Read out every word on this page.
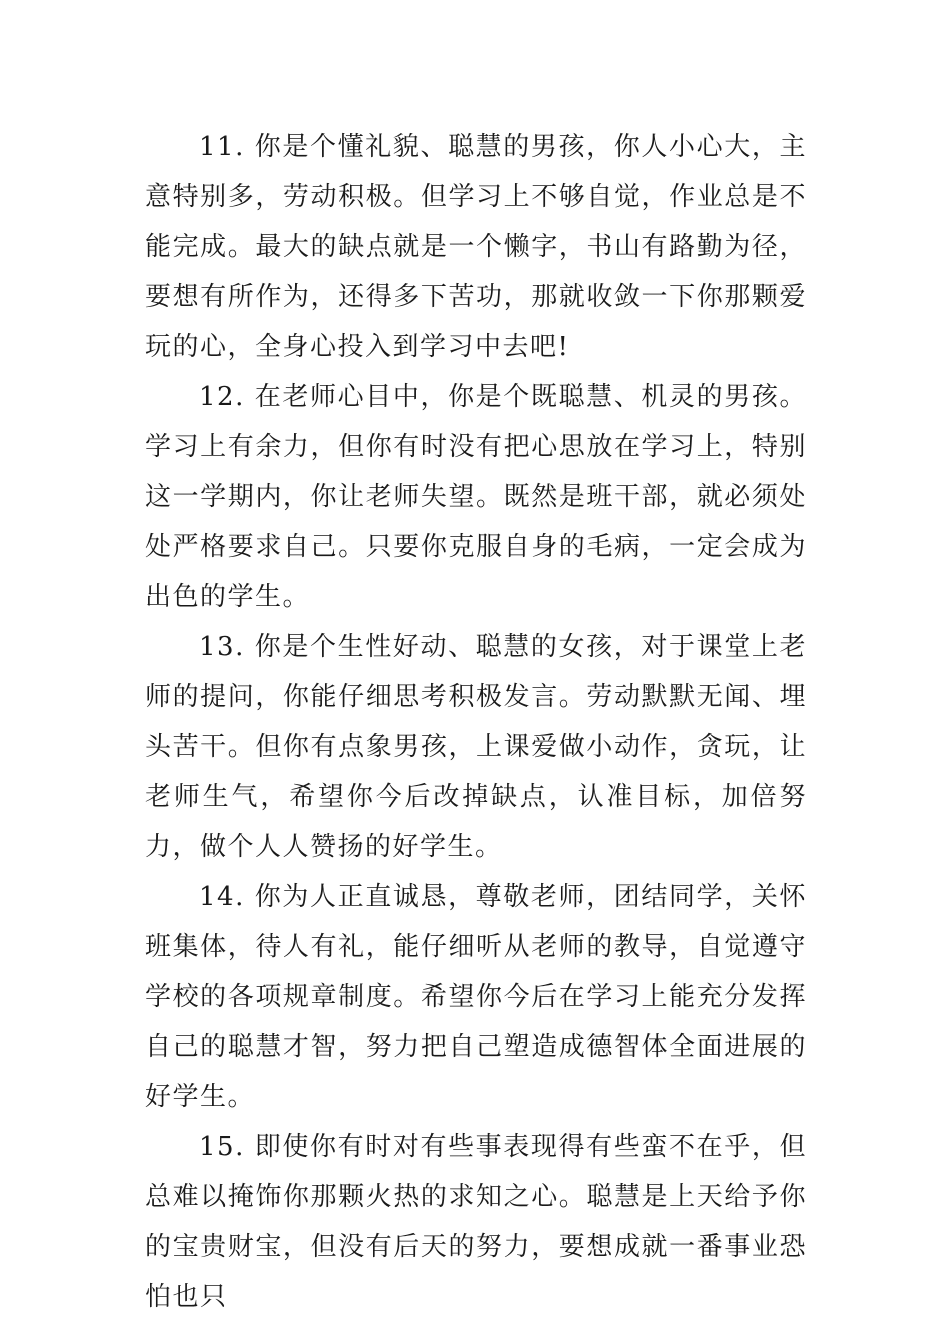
11. 你是个懂礼貌、聪慧的男孩，你人小心大，主意特别多，劳动积极。但学习上不够自觉，作业总是不能完成。最大的缺点就是一个懒字，书山有路勤为径，要想有所作为，还得多下苦功，那就收敛一下你那颗爱玩的心，全身心投入到学习中去吧!

12. 在老师心目中，你是个既聪慧、机灵的男孩。学习上有余力，但你有时没有把心思放在学习上，特别这一学期内，你让老师失望。既然是班干部，就必须处处严格要求自己。只要你克服自身的毛病，一定会成为出色的学生。

13. 你是个生性好动、聪慧的女孩，对于课堂上老师的提问，你能仔细思考积极发言。劳动默默无闻、埋头苦干。但你有点象男孩，上课爱做小动作，贪玩，让老师生气，希望你今后改掉缺点，认准目标，加倍努力，做个人人赞扬的好学生。

14. 你为人正直诚恳，尊敬老师，团结同学，关怀班集体，待人有礼，能仔细听从老师的教导，自觉遵守学校的各项规章制度。希望你今后在学习上能充分发挥自己的聪慧才智，努力把自己塑造成德智体全面进展的好学生。

15. 即使你有时对有些事表现得有些蛮不在乎，但总难以掩饰你那颗火热的求知之心。聪慧是上天给予你的宝贵财宝，但没有后天的努力，要想成就一番事业恐怕也只
